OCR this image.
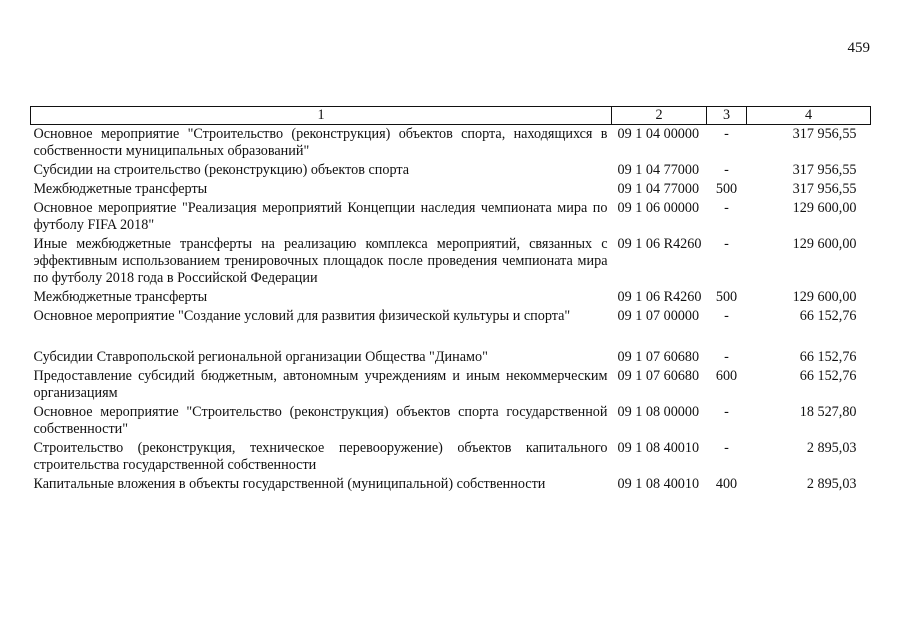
459
1	2	3	4
Основное мероприятие "Строительство (реконструкция) объектов спорта, находящихся в собственности муниципальных образований"	09 1 04 00000	-	317 956,55
Субсидии на строительство (реконструкцию) объектов спорта	09 1 04 77000	-	317 956,55
Межбюджетные трансферты	09 1 04 77000	500	317 956,55
Основное мероприятие "Реализация мероприятий Концепции наследия чемпионата мира по футболу FIFA 2018"	09 1 06 00000	-	129 600,00
Иные межбюджетные трансферты на реализацию комплекса мероприятий, связанных с эффективным использованием тренировочных площадок после проведения чемпионата мира по футболу 2018 года в Российской Федерации	09 1 06 R4260	-	129 600,00
Межбюджетные трансферты	09 1 06 R4260	500	129 600,00
Основное мероприятие "Создание условий для развития физической культуры и спорта"	09 1 07 00000	-	66 152,76

Субсидии Ставропольской региональной организации Общества "Динамо"	09 1 07 60680	-	66 152,76
Предоставление субсидий бюджетным, автономным учреждениям и иным некоммерческим организациям	09 1 07 60680	600	66 152,76
Основное мероприятие "Строительство (реконструкция) объектов спорта государственной собственности"	09 1 08 00000	-	18 527,80
Строительство (реконструкция, техническое перевооружение) объектов капитального строительства государственной собственности	09 1 08 40010	-	2 895,03
Капитальные вложения в объекты государственной (муниципальной) собственности	09 1 08 40010	400	2 895,03
